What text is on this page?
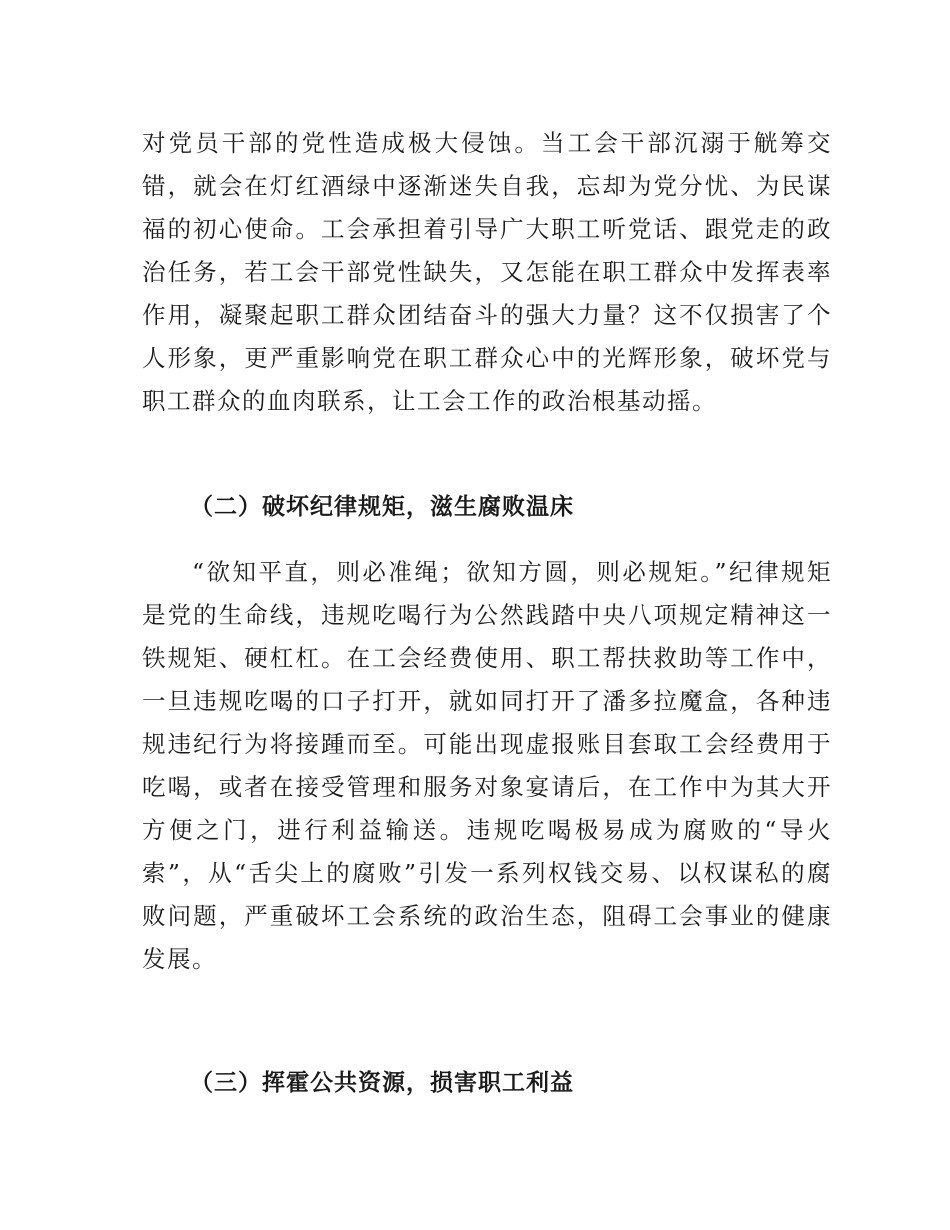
对党员干部的党性造成极大侵蚀。当工会干部沉溺于觥筹交错，就会在灯红酒绿中逐渐迷失自我，忘却为党分忧、为民谋福的初心使命。工会承担着引导广大职工听党话、跟党走的政治任务，若工会干部党性缺失，又怎能在职工群众中发挥表率作用，凝聚起职工群众团结奋斗的强大力量？这不仅损害了个人形象，更严重影响党在职工群众心中的光辉形象，破坏党与职工群众的血肉联系，让工会工作的政治根基动摇。

（二）破坏纪律规矩，滋生腐败温床

“欲知平直，则必准绳；欲知方圆，则必规矩。”纪律规矩是党的生命线，违规吃喝行为公然践踏中央八项规定精神这一铁规矩、硬杠杠。在工会经费使用、职工帮扶救助等工作中，一旦违规吃喝的口子打开，就如同打开了潘多拉魔盒，各种违规违纪行为将接踵而至。可能出现虚报账目套取工会经费用于吃喝，或者在接受管理和服务对象宴请后，在工作中为其大开方便之门，进行利益输送。违规吃喝极易成为腐败的“导火索”，从“舌尖上的腐败”引发一系列权钱交易、以权谋私的腐败问题，严重破坏工会系统的政治生态，阻碍工会事业的健康发展。

（三）挥霍公共资源，损害职工利益
